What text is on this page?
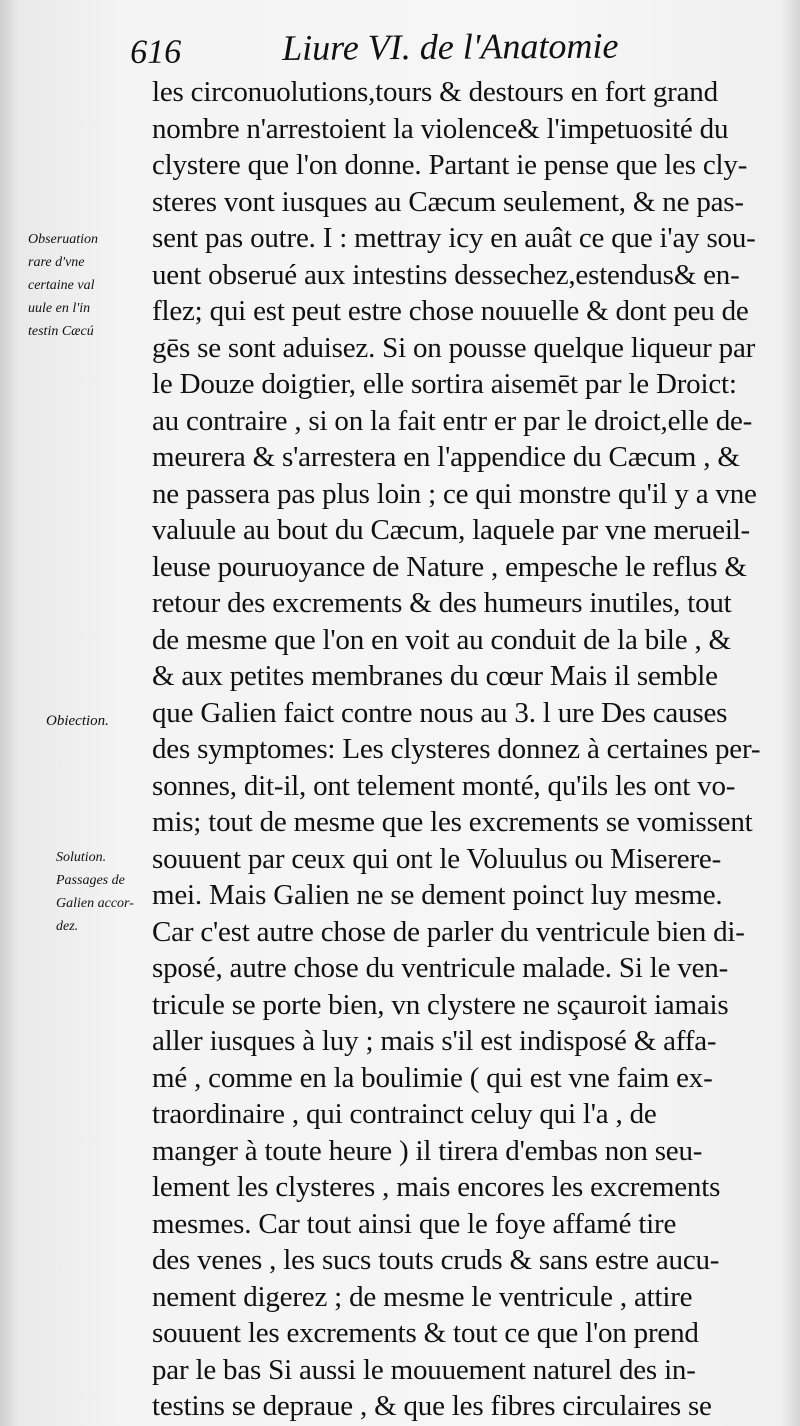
616	Liure VI. de l'Anatomie
Obseruation
rare d'vne
certaine val
uule en l'in
testin Cæcú
Obiection.
Solution.
Passages de
Galien accor-
dez.
les circonuolutions,tours & destours en fort grand
nombre n'arrestoient la violence& l'impetuosité du
clystere que l'on donne. Partant ie pense que les cly-
steres vont iusques au Cæcum seulement, & ne pas-
sent pas outre. I : mettray icy en auât ce que i'ay sou-
uent obserué aux intestins dessechez,estendus& en-
flez; qui est peut estre chose nouuelle & dont peu de
gēs se sont aduisez. Si on pousse quelque liqueur par
le Douze doigtier, elle sortira aisemēt par le Droict:
au contraire , si on la fait entr er par le droict,elle de-
meurera & s'arrestera en l'appendice du Cæcum , &
ne passera pas plus loin ; ce qui monstre qu'il y a vne
valuule au bout du Cæcum, laquele par vne merueil-
leuse pouruoyance de Nature , empesche le reflus &
retour des excrements & des humeurs inutiles, tout
de mesme que l'on en voit au conduit de la bile , &
& aux petites membranes du cœur Mais il semble
que Galien faict contre nous au 3. l ure Des causes
des symptomes: Les clysteres donnez à certaines per-
sonnes, dit-il, ont telement monté, qu'ils les ont vo-
mis; tout de mesme que les excrements se vomissent
souuent par ceux qui ont le Voluulus ou Miserere-
mei. Mais Galien ne se dement poinct luy mesme.
Car c'est autre chose de parler du ventricule bien di-
sposé, autre chose du ventricule malade. Si le ven-
tricule se porte bien, vn clystere ne sçauroit iamais
aller iusques à luy ; mais s'il est indisposé & affa-
mé , comme en la boulimie ( qui est vne faim ex-
traordinaire , qui contrainct celuy qui l'a , de
manger à toute heure ) il tirera d'embas non seu-
lement les clysteres , mais encores les excrements
mesmes. Car tout ainsi que le foye affamé tire
des venes , les sucs touts cruds & sans estre aucu-
nement digerez ; de mesme le ventricule , attire
souuent les excrements & tout ce que l'on prend
par le bas Si aussi le mouuement naturel des in-
testins se depraue , & que les fibres circulaires se
